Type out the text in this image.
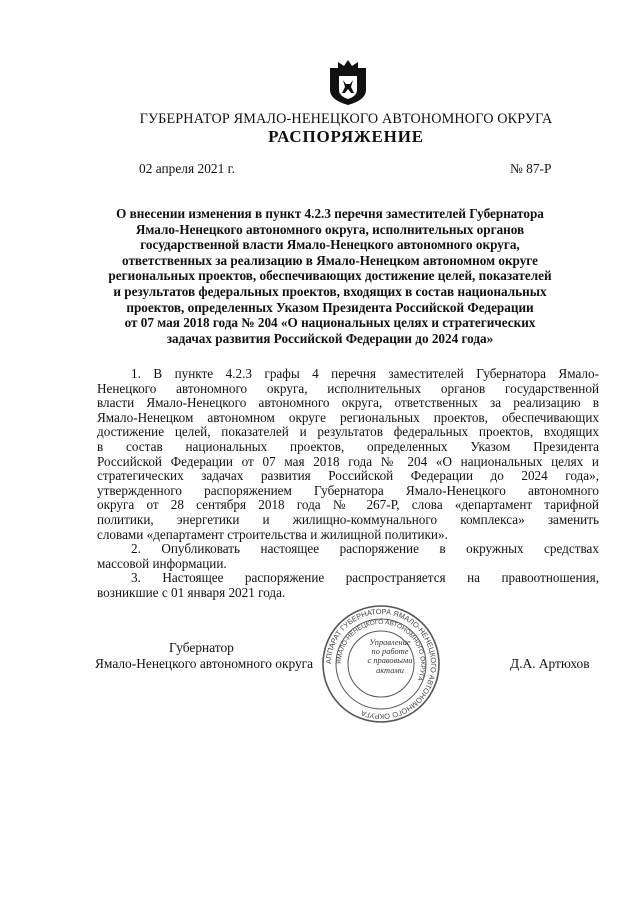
ГУБЕРНАТОР ЯМАЛО-НЕНЕЦКОГО АВТОНОМНОГО ОКРУГА
РАСПОРЯЖЕНИЕ
02 апреля 2021 г.	№ 87-Р
О внесении изменения в пункт 4.2.3 перечня заместителей Губернатора
Ямало-Ненецкого автономного округа, исполнительных органов
государственной власти Ямало-Ненецкого автономного округа,
ответственных за реализацию в Ямало-Ненецком автономном округе
региональных проектов, обеспечивающих достижение целей, показателей
и результатов федеральных проектов, входящих в состав национальных
проектов, определенных Указом Президента Российской Федерации
от 07 мая 2018 года № 204 «О национальных целях и стратегических
задачах развития Российской Федерации до 2024 года»
1. В пункте 4.2.3 графы 4 перечня заместителей Губернатора Ямало-
Ненецкого автономного округа, исполнительных органов государственной
власти Ямало-Ненецкого автономного округа, ответственных за реализацию в
Ямало-Ненецком автономном округе региональных проектов, обеспечивающих
достижение целей, показателей и результатов федеральных проектов, входящих
в состав национальных проектов, определенных Указом Президента
Российской Федерации от 07 мая 2018 года № 204 «О национальных целях и
стратегических задачах развития Российской Федерации до 2024 года»,
утвержденного распоряжением Губернатора Ямало-Ненецкого автономного
округа от 28 сентября 2018 года № 267-Р, слова «департамент тарифной
политики, энергетики и жилищно-коммунального комплекса» заменить
словами «департамент строительства и жилищной политики».
2. Опубликовать настоящее распоряжение в окружных средствах
массовой информации.
3. Настоящее распоряжение распространяется на правоотношения,
возникшие с 01 января 2021 года.
Губернатор
Ямало-Ненецкого автономного округа	Д.А. Артюхов
АППАРАТ ГУБЕРНАТОРА ЯМАЛО-НЕНЕЦКОГО АВТОНОМНОГО ОКРУГА
ЯМАЛО-НЕНЕЦКОГО АВТОНОМНОГО ОКРУГА
Управление
по работе
с правовыми
актами
